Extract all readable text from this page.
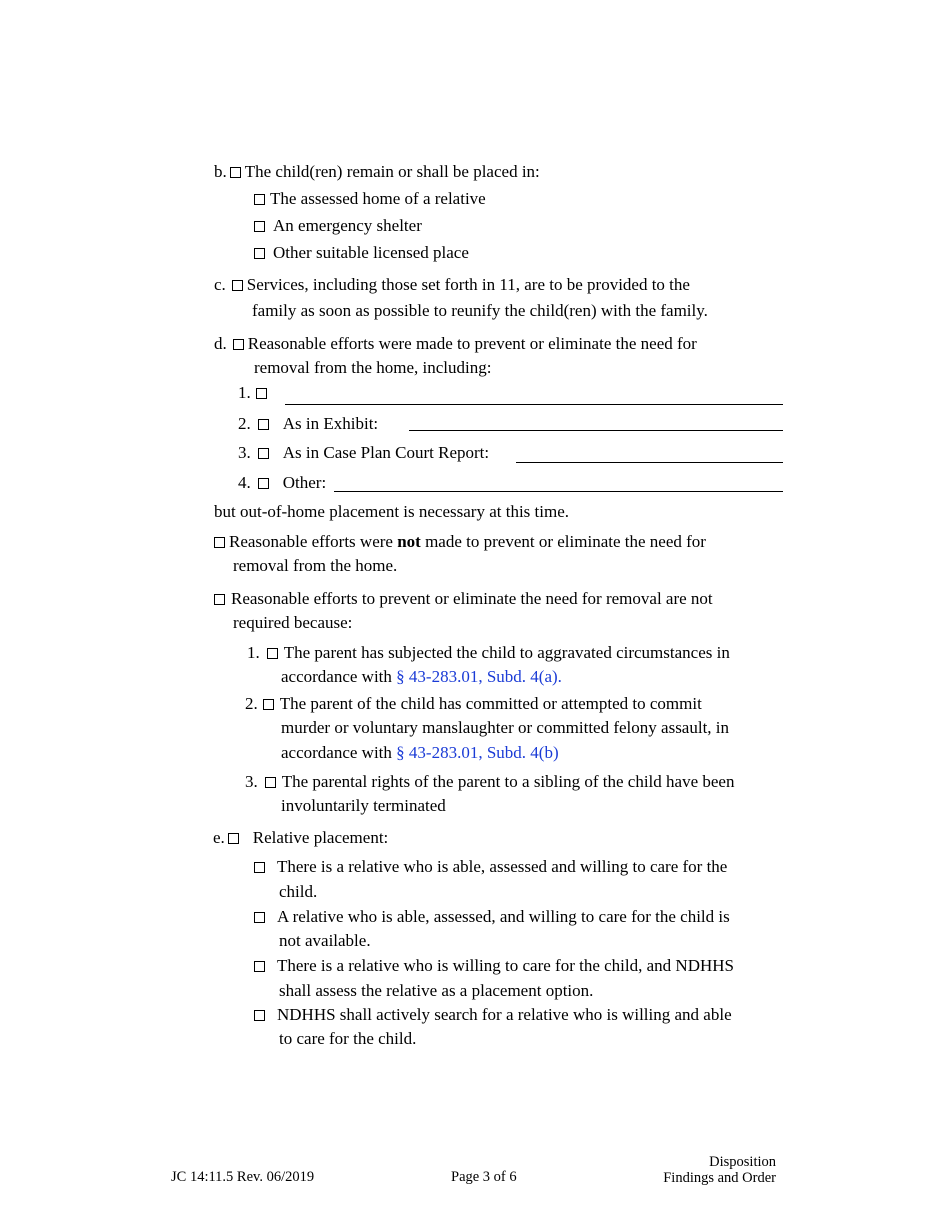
b. The child(ren) remain or shall be placed in:
The assessed home of a relative
An emergency shelter
Other suitable licensed place
c. Services, including those set forth in 11, are to be provided to the
family as soon as possible to reunify the child(ren) with the family.
d. Reasonable efforts were made to prevent or eliminate the need for
removal from the home, including:
1.
2. As in Exhibit:
3. As in Case Plan Court Report:
4. Other:
but out-of-home placement is necessary at this time.
Reasonable efforts were not made to prevent or eliminate the need for
removal from the home.
Reasonable efforts to prevent or eliminate the need for removal are not
required because:
1. The parent has subjected the child to aggravated circumstances in
accordance with § 43-283.01, Subd. 4(a).
2. The parent of the child has committed or attempted to commit
murder or voluntary manslaughter or committed felony assault, in
accordance with § 43-283.01, Subd. 4(b)
3. The parental rights of the parent to a sibling of the child have been
involuntarily terminated
e. Relative placement:
There is a relative who is able, assessed and willing to care for the
child.
A relative who is able, assessed, and willing to care for the child is
not available.
There is a relative who is willing to care for the child, and NDHHS
shall assess the relative as a placement option.
NDHHS shall actively search for a relative who is willing and able
to care for the child.
JC 14:11.5 Rev. 06/2019	Page 3 of 6
Disposition
Findings and Order
